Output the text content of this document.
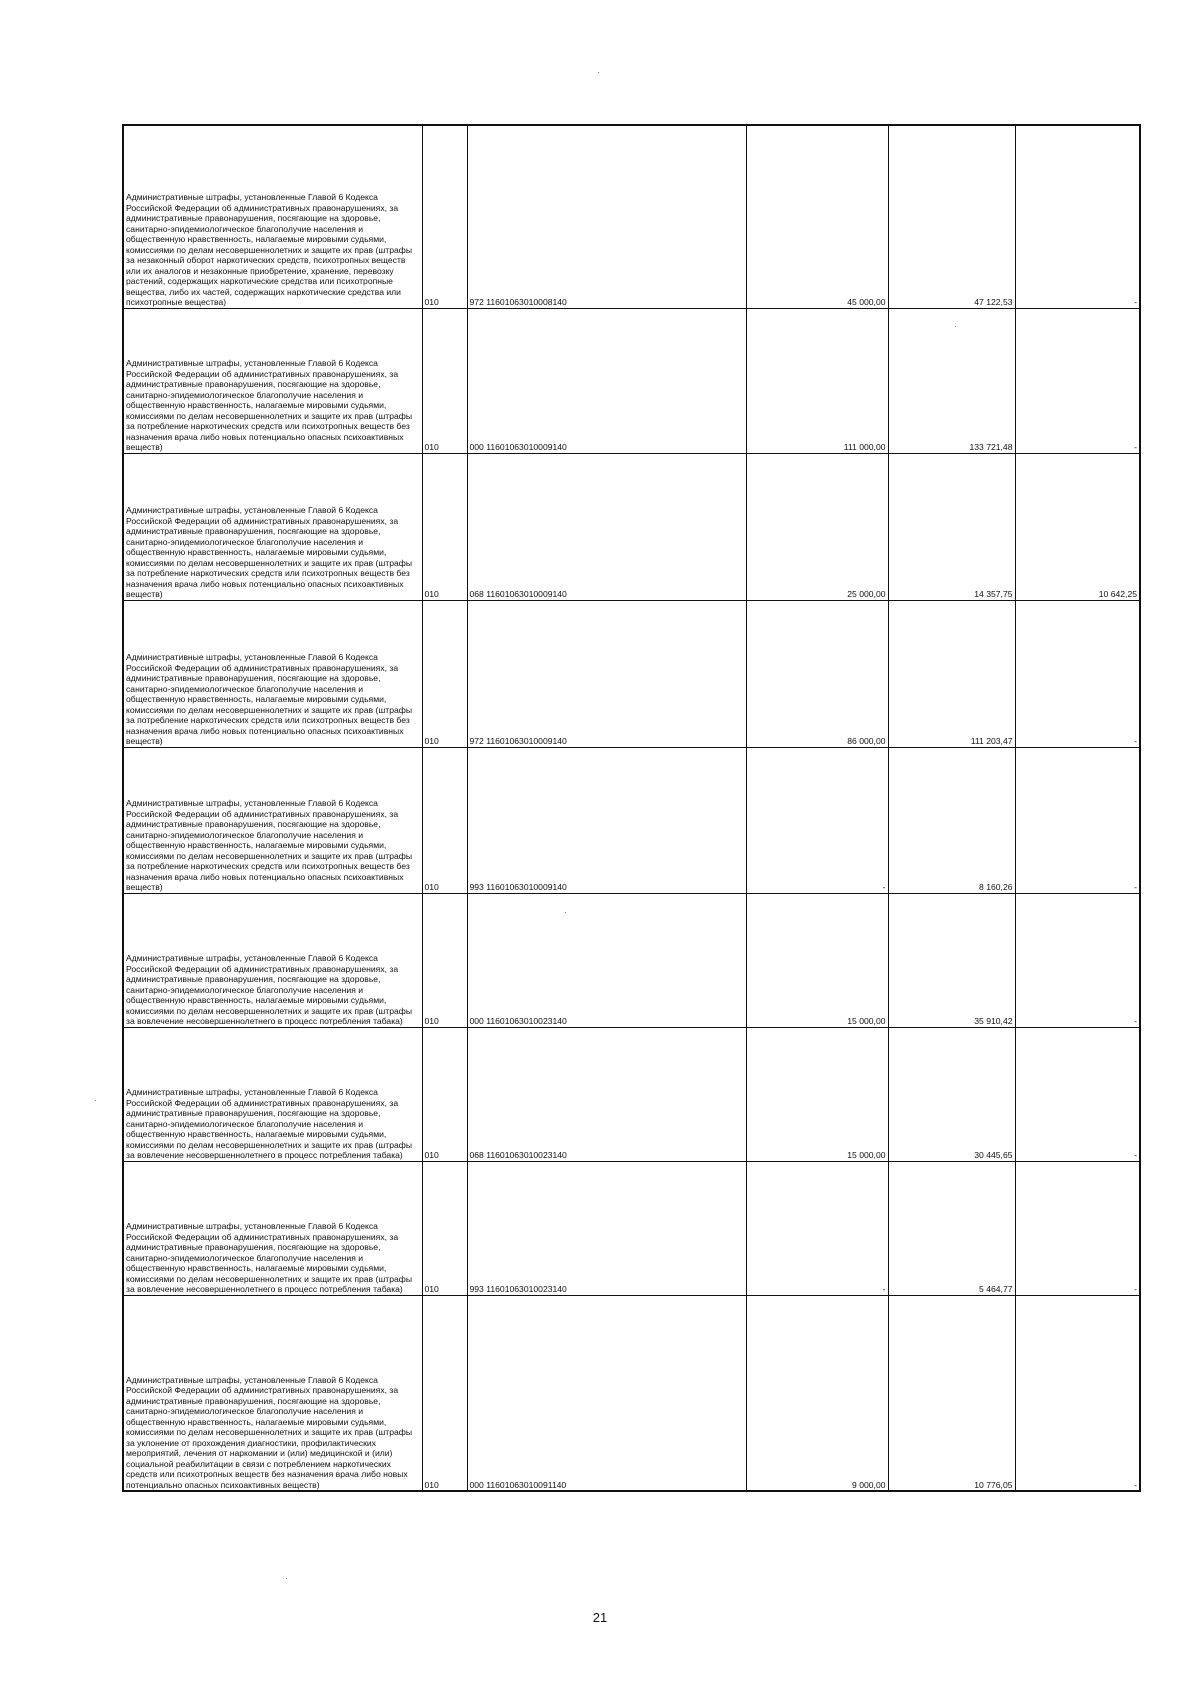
Административные штрафы, установленные Главой 6 Кодекса Российской Федерации об административных правонарушениях, за административные правонарушения, посягающие на здоровье, санитарно-эпидемиологическое благополучие населения и общественную нравственность, налагаемые мировыми судьями, комиссиями по делам несовершеннолетних и защите их прав (штрафы за незаконный оборот наркотических средств, психотропных веществ или их аналогов и незаконные приобретение, хранение, перевозку растений, содержащих наркотические средства или психотропные вещества, либо их частей, содержащих наркотические средства или психотропные вещества)	010	972 11601063010008140	45 000,00	47 122,53	-
Административные штрафы, установленные Главой 6 Кодекса Российской Федерации об административных правонарушениях, за административные правонарушения, посягающие на здоровье, санитарно-эпидемиологическое благополучие населения и общественную нравственность, налагаемые мировыми судьями, комиссиями по делам несовершеннолетних и защите их прав (штрафы за потребление наркотических средств или психотропных веществ без назначения врача либо новых потенциально опасных психоактивных веществ)	010	000 11601063010009140	111 000,00	133 721,48	-
Административные штрафы, установленные Главой 6 Кодекса Российской Федерации об административных правонарушениях, за административные правонарушения, посягающие на здоровье, санитарно-эпидемиологическое благополучие населения и общественную нравственность, налагаемые мировыми судьями, комиссиями по делам несовершеннолетних и защите их прав (штрафы за потребление наркотических средств или психотропных веществ без назначения врача либо новых потенциально опасных психоактивных веществ)	010	068 11601063010009140	25 000,00	14 357,75	10 642,25
Административные штрафы, установленные Главой 6 Кодекса Российской Федерации об административных правонарушениях, за административные правонарушения, посягающие на здоровье, санитарно-эпидемиологическое благополучие населения и общественную нравственность, налагаемые мировыми судьями, комиссиями по делам несовершеннолетних и защите их прав (штрафы за потребление наркотических средств или психотропных веществ без назначения врача либо новых потенциально опасных психоактивных веществ)	010	972 11601063010009140	86 000,00	111 203,47	-
Административные штрафы, установленные Главой 6 Кодекса Российской Федерации об административных правонарушениях, за административные правонарушения, посягающие на здоровье, санитарно-эпидемиологическое благополучие населения и общественную нравственность, налагаемые мировыми судьями, комиссиями по делам несовершеннолетних и защите их прав (штрафы за потребление наркотических средств или психотропных веществ без назначения врача либо новых потенциально опасных психоактивных веществ)	010	993 11601063010009140	-	8 160,26	-
Административные штрафы, установленные Главой 6 Кодекса Российской Федерации об административных правонарушениях, за административные правонарушения, посягающие на здоровье, санитарно-эпидемиологическое благополучие населения и общественную нравственность, налагаемые мировыми судьями, комиссиями по делам несовершеннолетних и защите их прав (штрафы за вовлечение несовершеннолетнего в процесс потребления табака)	010	000 11601063010023140	15 000,00	35 910,42	-
Административные штрафы, установленные Главой 6 Кодекса Российской Федерации об административных правонарушениях, за административные правонарушения, посягающие на здоровье, санитарно-эпидемиологическое благополучие населения и общественную нравственность, налагаемые мировыми судьями, комиссиями по делам несовершеннолетних и защите их прав (штрафы за вовлечение несовершеннолетнего в процесс потребления табака)	010	068 11601063010023140	15 000,00	30 445,65	-
Административные штрафы, установленные Главой 6 Кодекса Российской Федерации об административных правонарушениях, за административные правонарушения, посягающие на здоровье, санитарно-эпидемиологическое благополучие населения и общественную нравственность, налагаемые мировыми судьями, комиссиями по делам несовершеннолетних и защите их прав (штрафы за вовлечение несовершеннолетнего в процесс потребления табака)	010	993 11601063010023140	-	5 464,77	-
Административные штрафы, установленные Главой 6 Кодекса Российской Федерации об административных правонарушениях, за административные правонарушения, посягающие на здоровье, санитарно-эпидемиологическое благополучие населения и общественную нравственность, налагаемые мировыми судьями, комиссиями по делам несовершеннолетних и защите их прав (штрафы за уклонение от прохождения диагностики, профилактических мероприятий, лечения от наркомании и (или) медицинской и (или) социальной реабилитации в связи с потреблением наркотических средств или психотропных веществ без назначения врача либо новых потенциально опасных психоактивных веществ)	010	000 11601063010091140	9 000,00	10 776,05	-
21
